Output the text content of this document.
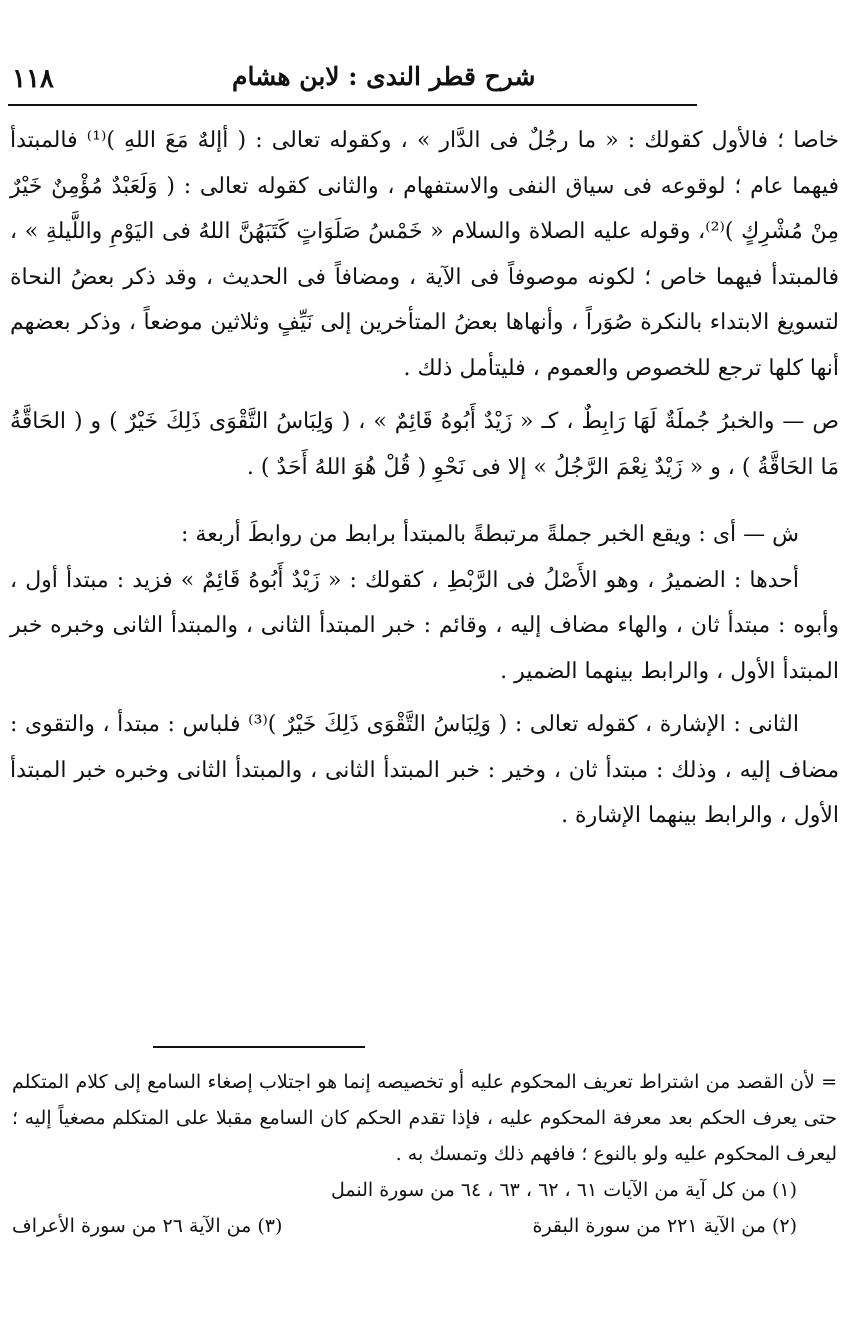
١١٨	شرح قطر الندى : لابن هشام

خاصا ؛ فالأول كقولك : « ما رجُلٌ فى الدَّار » ، وكقوله تعالى : ( أإلهٌ مَعَ اللهِ )⁽¹⁾ فالمبتدأ فيهما عام ؛ لوقوعه فى سياق النفى والاستفهام ، والثانى كقوله تعالى : ( وَلَعَبْدٌ مُؤْمِنٌ خَيْرٌ مِنْ مُشْرِكٍ )⁽²⁾، وقوله عليه الصلاة والسلام « خَمْسُ صَلَوَاتٍ كَتَبَهُنَّ اللهُ فى اليَوْمِ واللَّيلةِ » ، فالمبتدأ فيهما خاص ؛ لكونه موصوفاً فى الآية ، ومضافاً فى الحديث ، وقد ذكر بعضُ النحاة لتسويغ الابتداء بالنكرة صُوَراً ، وأنهاها بعضُ المتأخرين إلى نَيِّفٍ وثلاثين موضعاً ، وذكر بعضهم أنها كلها ترجع للخصوص والعموم ، فليتأمل ذلك .

ص — والخبرُ جُملَةٌ لَهَا رَابِطٌ ، كـ « زَيْدٌ أَبُوهُ قَائِمٌ » ، ( وَلِبَاسُ التَّقْوَى ذَلِكَ خَيْرٌ ) و ( الحَاقَّةُ مَا الحَاقَّةُ ) ، و « زَيْدٌ نِعْمَ الرَّجُلُ » إلا فى نَحْوِ ( قُلْ هُوَ اللهُ أَحَدٌ ) .

ش — أى : ويقع الخبر جملةً مرتبطةً بالمبتدأ برابط من روابطَ أربعة :

أحدها : الضميرُ ، وهو الأَصْلُ فى الرَّبْطِ ، كقولك : « زَيْدٌ أَبُوهُ قَائِمٌ » فزيد : مبتدأ أول ، وأبوه : مبتدأ ثان ، والهاء مضاف إليه ، وقائم : خبر المبتدأ الثانى ، والمبتدأ الثانى وخبره خبر المبتدأ الأول ، والرابط بينهما الضمير .

الثانى : الإشارة ، كقوله تعالى : ( وَلِبَاسُ التَّقْوَى ذَلِكَ خَيْرٌ )⁽³⁾ فلباس : مبتدأ ، والتقوى : مضاف إليه ، وذلك : مبتدأ ثان ، وخير : خبر المبتدأ الثانى ، والمبتدأ الثانى وخبره خبر المبتدأ الأول ، والرابط بينهما الإشارة .

= لأن القصد من اشتراط تعريف المحكوم عليه أو تخصيصه إنما هو اجتلاب إصغاء السامع إلى كلام المتكلم حتى يعرف الحكم بعد معرفة المحكوم عليه ، فإذا تقدم الحكم كان السامع مقبلا على المتكلم مصغياً إليه ؛ ليعرف المحكوم عليه ولو بالنوع ؛ فافهم ذلك وتمسك به .

(١) من كل آية من الآيات ٦١ ، ٦٢ ، ٦٣ ، ٦٤ من سورة النمل

(٢) من الآية ٢٢١ من سورة البقرة
(٣) من الآية ٢٦ من سورة الأعراف
